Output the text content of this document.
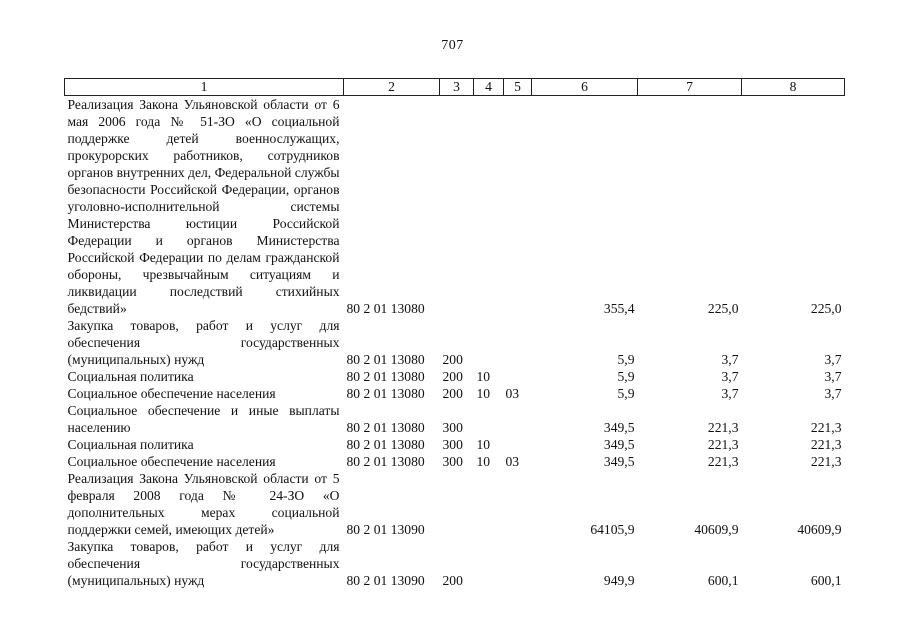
707
1	2	3	4	5	6	7	8
Реализация Закона Ульяновской области от 6 мая 2006 года № 51-ЗО «О социальной поддержке детей военнослужащих, прокурорских работников, сотрудников органов внутренних дел, Федеральной службы безопасности Российской Федерации, органов уголовно-исполнительной системы Министерства юстиции Российской Федерации и органов Министерства Российской Федерации по делам гражданской обороны, чрезвычайным ситуациям и ликвидации последствий стихийных бедствий»	80 2 01 13080				355,4	225,0	225,0
Закупка товаров, работ и услуг для обеспечения государственных (муниципальных) нужд	80 2 01 13080	200			5,9	3,7	3,7
Социальная политика	80 2 01 13080	200	10		5,9	3,7	3,7
Социальное обеспечение населения	80 2 01 13080	200	10	03	5,9	3,7	3,7
Социальное обеспечение и иные выплаты населению	80 2 01 13080	300			349,5	221,3	221,3
Социальная политика	80 2 01 13080	300	10		349,5	221,3	221,3
Социальное обеспечение населения	80 2 01 13080	300	10	03	349,5	221,3	221,3
Реализация Закона Ульяновской области от 5 февраля 2008 года № 24-ЗО «О дополнительных мерах социальной поддержки семей, имеющих детей»	80 2 01 13090				64105,9	40609,9	40609,9
Закупка товаров, работ и услуг для обеспечения государственных (муниципальных) нужд	80 2 01 13090	200			949,9	600,1	600,1
